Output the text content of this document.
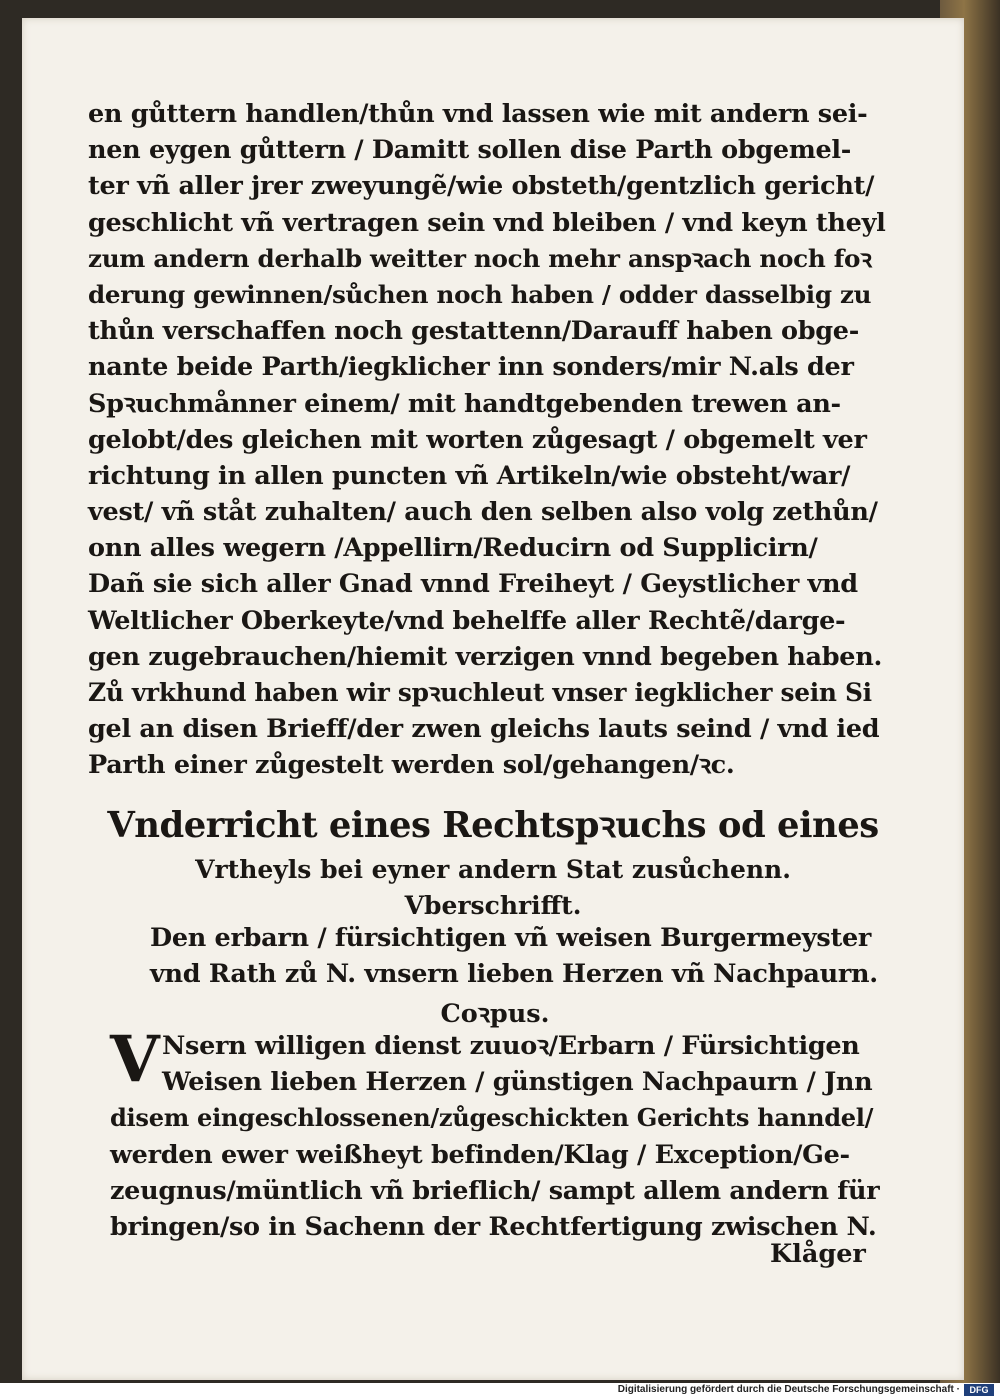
en gůttern handlen/thůn vnd lassen wie mit andern sei-
nen eygen gůttern / Damitt sollen dise Parth obgemel-
ter vñ aller jrer zweyungẽ/wie obsteth/gentzlich gericht/
geschlicht vñ vertragen sein vnd bleiben / vnd keyn theyl
zum andern derhalb weitter noch mehr anspꝛach noch foꝛ
derung gewinnen/sůchen noch haben / odder dasselbig zu
thůn verschaffen noch gestattenn/Darauff haben obge-
nante beide Parth/iegklicher inn sonders/mir N.als der
Spꝛuchmånner einem/ mit handtgebenden trewen an-
gelobt/des gleichen mit worten zůgesagt / obgemelt ver
richtung in allen puncten vñ Artikeln/wie obsteht/war/
vest/ vñ ståt zuhalten/ auch den selben also volg zethůn/
onn alles wegern /Appellirn/Reducirn od Supplicirn/
Dañ sie sich aller Gnad vnnd Freiheyt / Geystlicher vnd
Weltlicher Oberkeyte/vnd behelffe aller Rechtẽ/darge-
gen zugebrauchen/hiemit verzigen vnnd begeben haben.
Zů vrkhund haben wir spꝛuchleut vnser iegklicher sein Si
gel an disen Brieff/der zwen gleichs lauts seind / vnd ied
Parth einer zůgestelt werden sol/gehangen/ꝛc.
Vnderricht eines Rechtspꝛuchs od eines
Vrtheyls bei eyner andern Stat zusůchenn.
Vberschrifft.
Den erbarn / fürsichtigen vñ weisen Burgermeyster
vnd Rath zů N. vnsern lieben Herzen vñ Nachpaurn.
Coꝛpus.
V Nsern willigen dienst zuuoꝛ/Erbarn / Fürsichtigen
Weisen lieben Herzen / günstigen Nachpaurn / Jnn
disem eingeschlossenen/zůgeschickten Gerichts hanndel/
werden ewer weißheyt befinden/Klag / Exception/Ge-
zeugnus/müntlich vñ brieflich/ sampt allem andern für
bringen/so in Sachenn der Rechtfertigung zwischen N.
Klåger
Digitalisierung gefördert durch die Deutsche Forschungsgemeinschaft ·	DFG
